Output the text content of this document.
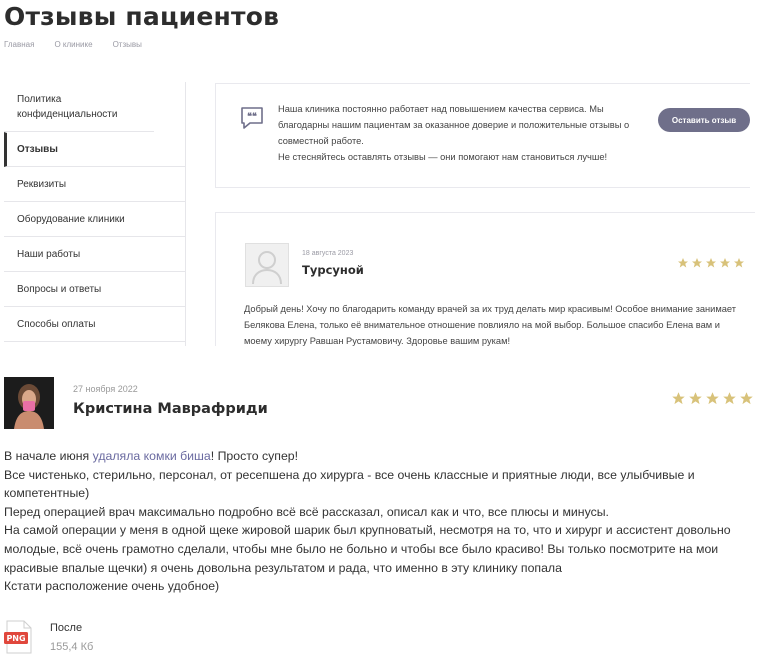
Отзывы пациентов
Главная	О клинике	Отзывы
Политика конфиденциальности
Отзывы
Реквизиты
Оборудование клиники
Наши работы
Вопросы и ответы
Способы оплаты
❝❝

Наша клиника постоянно работает над повышением качества сервиса. Мы благодарны нашим пациентам за оказанное доверие и положительные отзывы о совместной работе.

Не стесняйтесь оставлять отзывы — они помогают нам становиться лучше!

Оставить отзыв
18 августа 2023
Турсуной
Добрый день! Хочу по благодарить команду врачей за их труд делать мир красивым! Особое внимание занимает Белякова Елена, только её внимательное отношение повлияло на мой выбор. Большое спасибо Елена вам и моему хирургу Равшан Рустамовичу. Здоровье вашим рукам!
27 ноября 2022
Кристина Маврафриди

В начале июня удаляла комки биша! Просто супер!

Все чистенько, стерильно, персонал, от ресепшена до хирурга - все очень классные и приятные люди, все улыбчивые и компетентные)

Перед операцией врач максимально подробно всё всё рассказал, описал как и что, все плюсы и минусы.

На самой операции у меня в одной щеке жировой шарик был крупноватый, несмотря на то, что и хирург и ассистент довольно молодые, всё очень грамотно сделали, чтобы мне было не больно и чтобы все было красиво! Вы только посмотрите на мои красивые впалые щечки) я очень довольна результатом и рада, что именно в эту клинику попала

Кстати расположение очень удобное)

PNG
После
155,4 Кб
